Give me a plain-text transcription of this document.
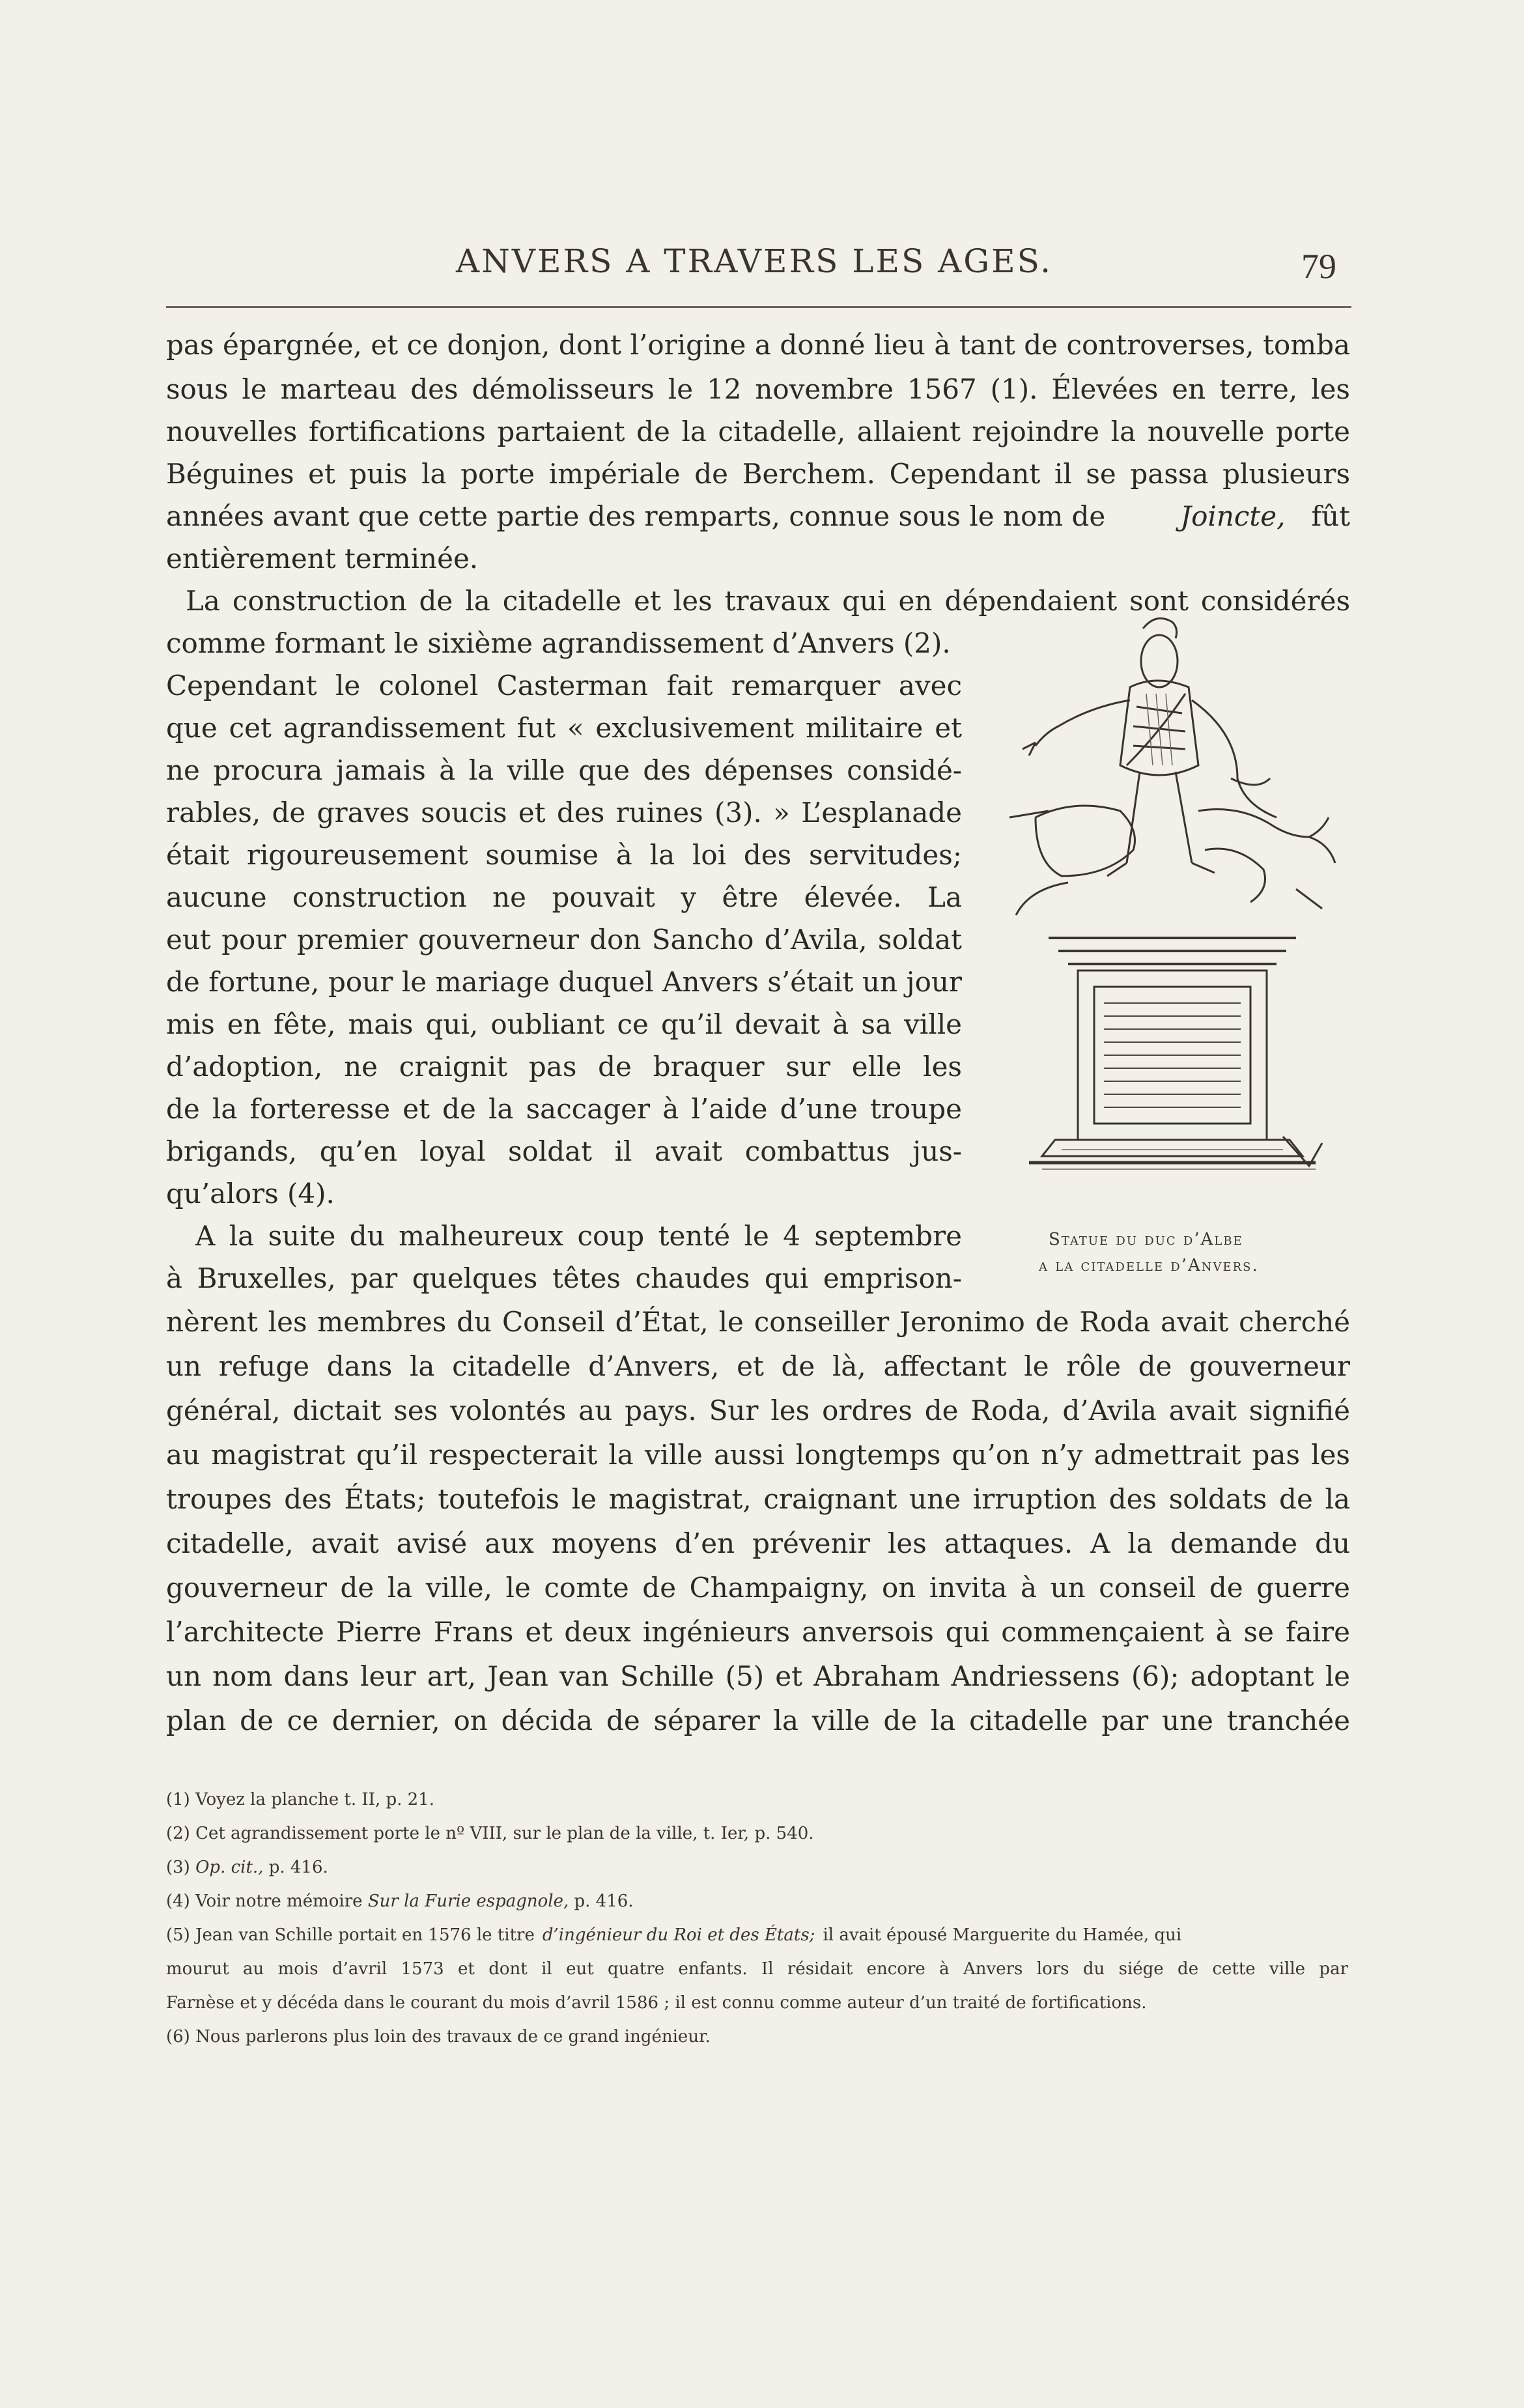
ANVERS A TRAVERS LES AGES.	79
pas épargnée, et ce donjon, dont l’origine a donné lieu à tant de controverses, tomba
sous le marteau des démolisseurs le 12 novembre 1567 (1). Élevées en terre, les
nouvelles fortifications partaient de la citadelle, allaient rejoindre la nouvelle porte
Béguines et puis la porte impériale de Berchem. Cependant il se passa plusieurs
années avant que cette partie des remparts, connue sous le nom de	Joincte, fût
entièrement terminée.
La construction de la citadelle et les travaux qui en dépendaient sont considérés
comme formant le sixième agrandissement d’Anvers (2).
Cependant le colonel Casterman fait remarquer avec
que cet agrandissement fut « exclusivement militaire et
ne procura jamais à la ville que des dépenses considé-
rables, de graves soucis et des ruines (3). » L’esplanade
était rigoureusement soumise à la loi des servitudes;
aucune construction ne pouvait y être élevée. La
eut pour premier gouverneur don Sancho d’Avila, soldat
de fortune, pour le mariage duquel Anvers s’était un jour
mis en fête, mais qui, oubliant ce qu’il devait à sa ville
d’adoption, ne craignit pas de braquer sur elle les
de la forteresse et de la saccager à l’aide d’une troupe
brigands, qu’en loyal soldat il avait combattus jus-
qu’alors (4).
A la suite du malheureux coup tenté le 4 septembre
à Bruxelles, par quelques têtes chaudes qui emprison-
nèrent les membres du Conseil d’État, le conseiller Jeronimo de Roda avait cherché
un refuge dans la citadelle d’Anvers, et de là, affectant le rôle de gouverneur
général, dictait ses volontés au pays. Sur les ordres de Roda, d’Avila avait signifié
au magistrat qu’il respecterait la ville aussi longtemps qu’on n’y admettrait pas les
troupes des États; toutefois le magistrat, craignant une irruption des soldats de la
citadelle, avait avisé aux moyens d’en prévenir les attaques. A la demande du
gouverneur de la ville, le comte de Champaigny, on invita à un conseil de guerre
l’architecte Pierre Frans et deux ingénieurs anversois qui commençaient à se faire
un nom dans leur art, Jean van Schille (5) et Abraham Andriessens (6); adoptant le
plan de ce dernier, on décida de séparer la ville de la citadelle par une tranchée
Statue du duc d’Albe
a la citadelle d’Anvers.
(1) Voyez la planche t. II, p. 21.
(2) Cet agrandissement porte le nº VIII, sur le plan de la ville, t. Ier, p. 540.
(3) Op. cit., p. 416.
(4) Voir notre mémoire Sur la Furie espagnole, p. 416.
(5) Jean van Schille portait en 1576 le titre d’ingénieur du Roi et des États; il avait épousé Marguerite du Hamée, qui
mourut au mois d’avril 1573 et dont il eut quatre enfants. Il résidait encore à Anvers lors du siége de cette ville par
Farnèse et y décéda dans le courant du mois d’avril 1586 ; il est connu comme auteur d’un traité de fortifications.
(6) Nous parlerons plus loin des travaux de ce grand ingénieur.
